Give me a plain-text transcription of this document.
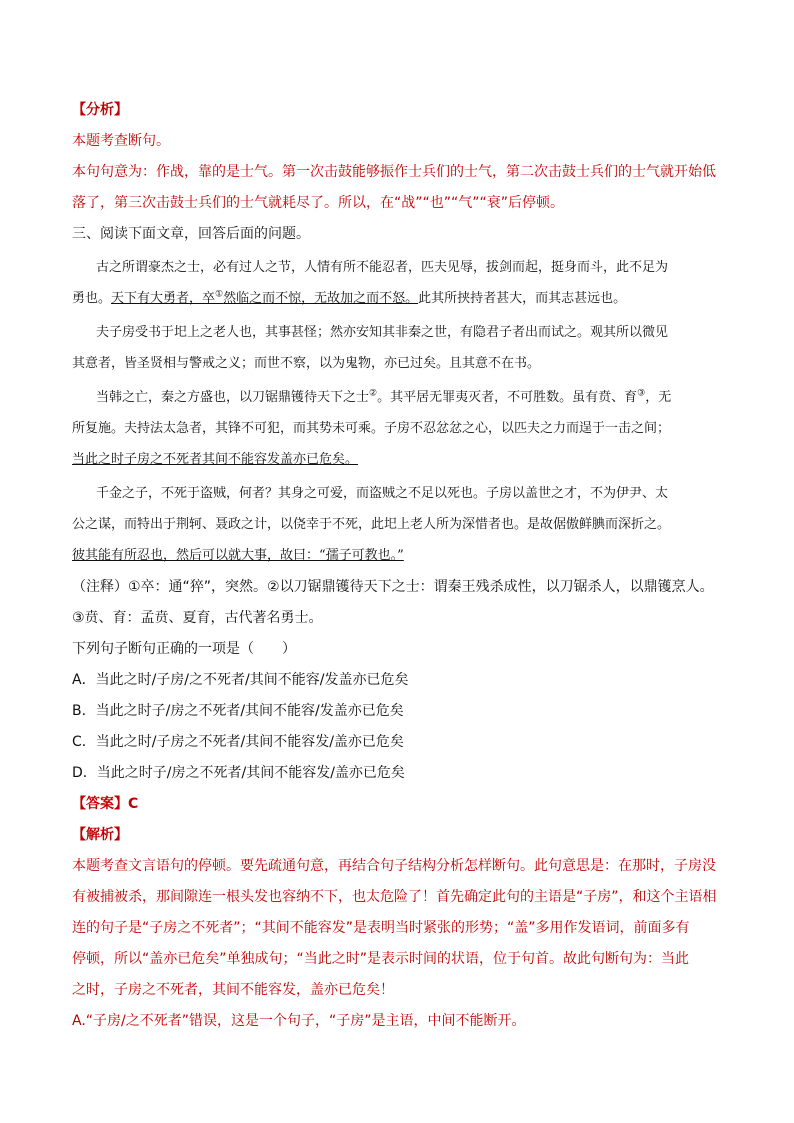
【分析】
本题考查断句。
本句句意为：作战，靠的是士气。第一次击鼓能够振作士兵们的士气，第二次击鼓士兵们的士气就开始低
落了，第三次击鼓士兵们的士气就耗尽了。所以，在“战”“也”“气”“衰”后停顿。
三、阅读下面文章，回答后面的问题。
古之所谓豪杰之士，必有过人之节，人情有所不能忍者，匹夫见辱，拔剑而起，挺身而斗，此不足为
勇也。天下有大勇者，卒①然临之而不惊，无故加之而不怒。此其所挟持者甚大，而其志甚远也。
夫子房受书于圯上之老人也，其事甚怪；然亦安知其非秦之世，有隐君子者出而试之。观其所以微见
其意者，皆圣贤相与警戒之义；而世不察，以为鬼物，亦已过矣。且其意不在书。
当韩之亡，秦之方盛也，以刀锯鼎镬待天下之士②。其平居无罪夷灭者，不可胜数。虽有贲、育③，无
所复施。夫持法太急者，其锋不可犯，而其势未可乘。子房不忍忿忿之心，以匹夫之力而逞于一击之间；
当此之时子房之不死者其间不能容发盖亦已危矣。
千金之子，不死于盗贼，何者？其身之可爱，而盗贼之不足以死也。子房以盖世之才，不为伊尹、太
公之谋，而特出于荆轲、聂政之计，以侥幸于不死，此圯上老人所为深惜者也。是故倨傲鲜腆而深折之。
彼其能有所忍也，然后可以就大事，故曰：“孺子可教也。”
（注释）①卒：通“猝”，突然。②以刀锯鼎镬待天下之士：谓秦王残杀成性，以刀锯杀人，以鼎镬烹人。
③贲、育：孟贲、夏育，古代著名勇士。
下列句子断句正确的一项是（　　）
A．当此之时/子房/之不死者/其间不能容/发盖亦已危矣
B．当此之时子/房之不死者/其间不能容/发盖亦已危矣
C．当此之时/子房之不死者/其间不能容发/盖亦已危矣
D．当此之时子/房之不死者/其间不能容发/盖亦已危矣
【答案】C
【解析】
本题考查文言语句的停顿。要先疏通句意，再结合句子结构分析怎样断句。此句意思是：在那时，子房没
有被捕被杀，那间隙连一根头发也容纳不下，也太危险了！首先确定此句的主语是“子房”，和这个主语相
连的句子是“子房之不死者”；“其间不能容发”是表明当时紧张的形势；“盖”多用作发语词，前面多有
停顿，所以“盖亦已危矣”单独成句；“当此之时”是表示时间的状语，位于句首。故此句断句为：当此
之时，子房之不死者，其间不能容发，盖亦已危矣！
A.“子房/之不死者”错误，这是一个句子，“子房”是主语，中间不能断开。
